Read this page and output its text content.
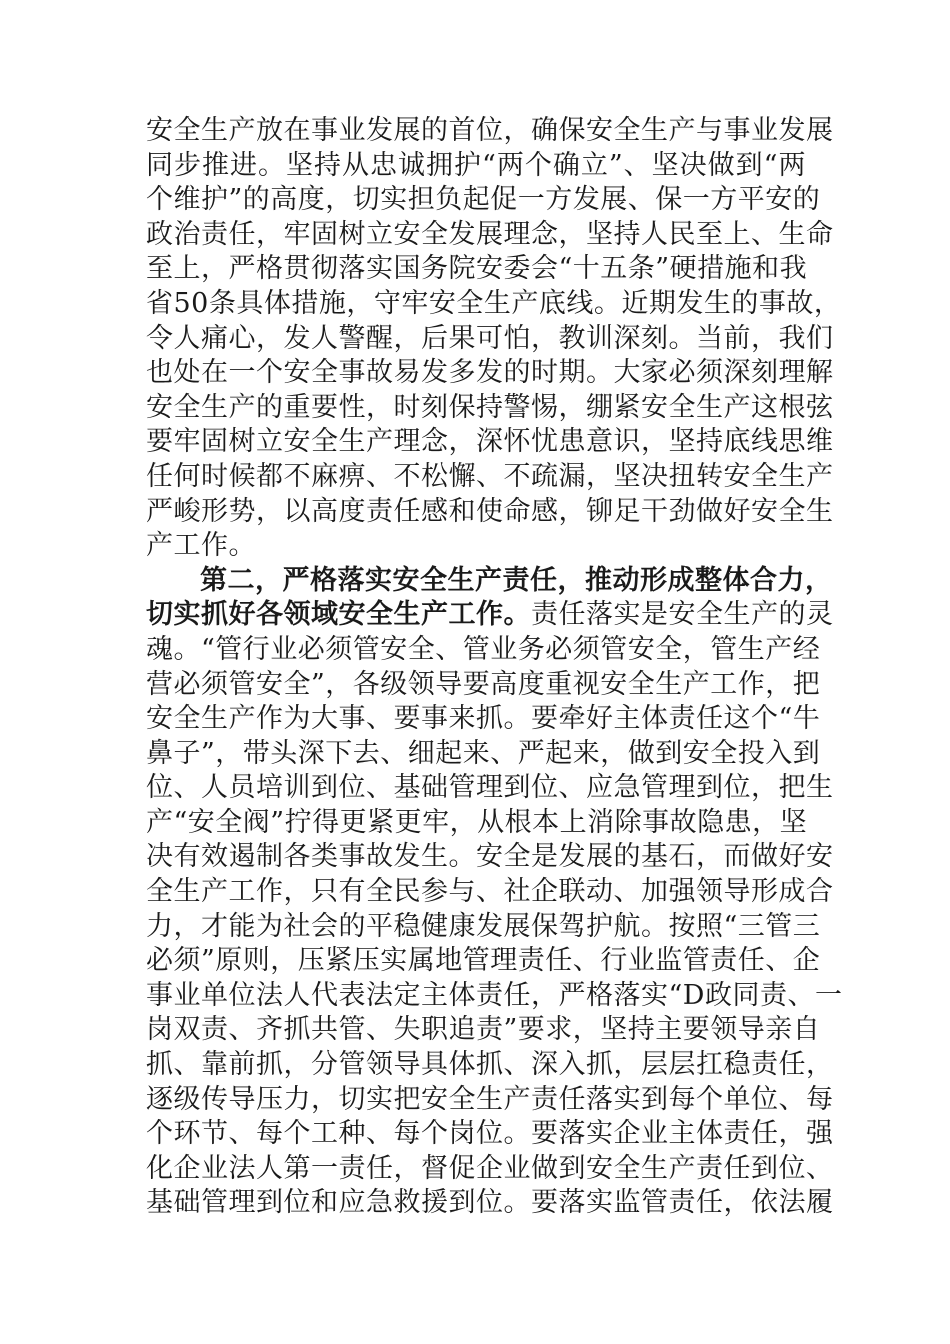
安全生产放在事业发展的首位，确保安全生产与事业发展
同步推进。坚持从忠诚拥护“两个确立”、坚决做到“两
个维护”的高度，切实担负起促一方发展、保一方平安的
政治责任，牢固树立安全发展理念，坚持人民至上、生命
至上，严格贯彻落实国务院安委会“十五条”硬措施和我
省50条具体措施，守牢安全生产底线。近期发生的事故，
令人痛心，发人警醒，后果可怕，教训深刻。当前，我们
也处在一个安全事故易发多发的时期。大家必须深刻理解
安全生产的重要性，时刻保持警惕，绷紧安全生产这根弦
要牢固树立安全生产理念，深怀忧患意识，坚持底线思维
任何时候都不麻痹、不松懈、不疏漏，坚决扭转安全生产
严峻形势，以高度责任感和使命感，铆足干劲做好安全生
产工作。
第二，严格落实安全生产责任，推动形成整体合力，
切实抓好各领域安全生产工作。责任落实是安全生产的灵
魂。“管行业必须管安全、管业务必须管安全，管生产经
营必须管安全”，各级领导要高度重视安全生产工作，把
安全生产作为大事、要事来抓。要牵好主体责任这个“牛
鼻子”，带头深下去、细起来、严起来，做到安全投入到
位、人员培训到位、基础管理到位、应急管理到位，把生
产“安全阀”拧得更紧更牢，从根本上消除事故隐患，坚
决有效遏制各类事故发生。安全是发展的基石，而做好安
全生产工作，只有全民参与、社企联动、加强领导形成合
力，才能为社会的平稳健康发展保驾护航。按照“三管三
必须”原则，压紧压实属地管理责任、行业监管责任、企
事业单位法人代表法定主体责任，严格落实“D政同责、一
岗双责、齐抓共管、失职追责”要求，坚持主要领导亲自
抓、靠前抓，分管领导具体抓、深入抓，层层扛稳责任，
逐级传导压力，切实把安全生产责任落实到每个单位、每
个环节、每个工种、每个岗位。要落实企业主体责任，强
化企业法人第一责任，督促企业做到安全生产责任到位、
基础管理到位和应急救援到位。要落实监管责任，依法履
